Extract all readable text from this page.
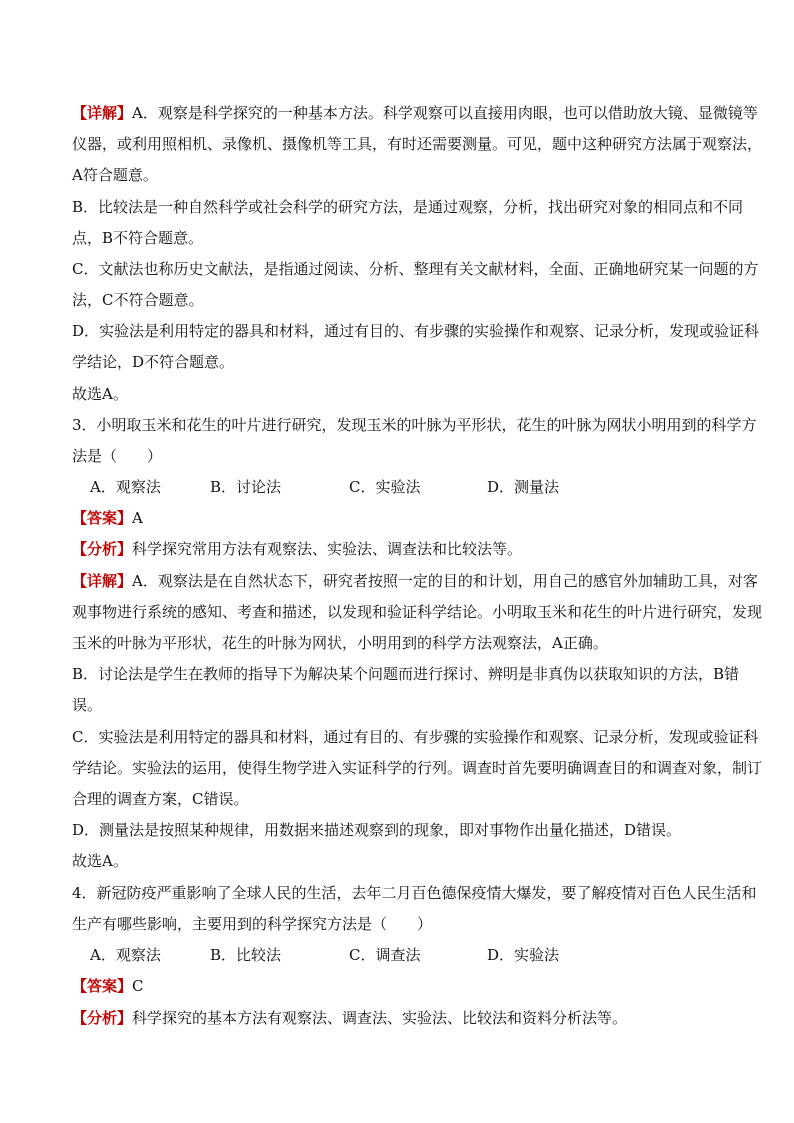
【详解】A．观察是科学探究的一种基本方法。科学观察可以直接用肉眼，也可以借助放大镜、显微镜等
仪器，或利用照相机、录像机、摄像机等工具，有时还需要测量。可见，题中这种研究方法属于观察法，
A符合题意。
B．比较法是一种自然科学或社会科学的研究方法，是通过观察，分析，找出研究对象的相同点和不同
点，B不符合题意。
C．文献法也称历史文献法，是指通过阅读、分析、整理有关文献材料，全面、正确地研究某一问题的方
法，C不符合题意。
D．实验法是利用特定的器具和材料，通过有目的、有步骤的实验操作和观察、记录分析，发现或验证科
学结论，D不符合题意。
故选A。
3．小明取玉米和花生的叶片进行研究，发现玉米的叶脉为平形状，花生的叶脉为网状小明用到的科学方
法是（　　）
A．观察法	B．讨论法	C．实验法	D．测量法
【答案】A
【分析】科学探究常用方法有观察法、实验法、调查法和比较法等。
【详解】A．观察法是在自然状态下，研究者按照一定的目的和计划，用自己的感官外加辅助工具，对客
观事物进行系统的感知、考查和描述，以发现和验证科学结论。小明取玉米和花生的叶片进行研究，发现
玉米的叶脉为平形状，花生的叶脉为网状，小明用到的科学方法观察法，A正确。
B．讨论法是学生在教师的指导下为解决某个问题而进行探讨、辨明是非真伪以获取知识的方法，B错
误。
C．实验法是利用特定的器具和材料，通过有目的、有步骤的实验操作和观察、记录分析，发现或验证科
学结论。实验法的运用，使得生物学进入实证科学的行列。调查时首先要明确调查目的和调查对象，制订
合理的调查方案，C错误。
D．测量法是按照某种规律，用数据来描述观察到的现象，即对事物作出量化描述，D错误。
故选A。
4．新冠防疫严重影响了全球人民的生活，去年二月百色德保疫情大爆发，要了解疫情对百色人民生活和
生产有哪些影响，主要用到的科学探究方法是（　　）
A．观察法	B．比较法	C．调查法	D．实验法
【答案】C
【分析】科学探究的基本方法有观察法、调查法、实验法、比较法和资料分析法等。
